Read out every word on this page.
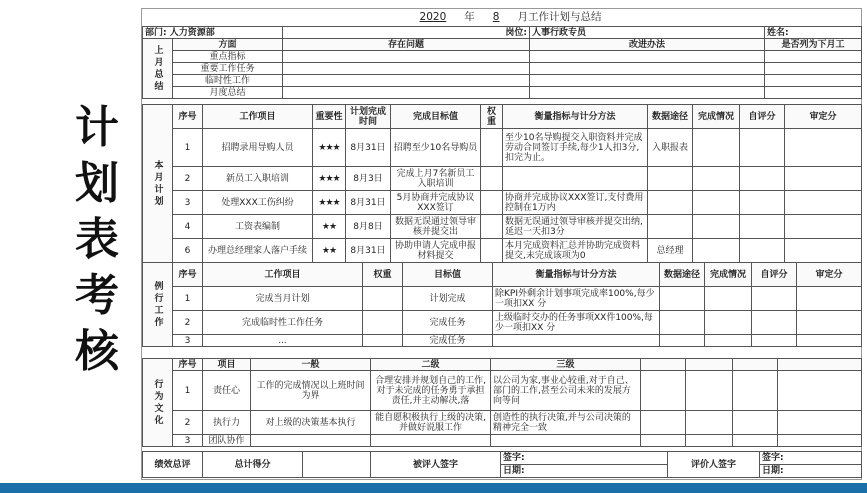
计
划
表
考
核
2020 年 8 月工作计划与总结
部门: 人力资源部		岗位:	人事行政专员	姓名:
上月总结	方面	存在问题	改进办法	是否列为下月工
	重点指标			
	重要工作任务			
	临时性工作			
	月度总结			
本月计划	序号	工作项目	重要性	计划完成时间	完成目标值	权重	衡量指标与计分方法	数据途径	完成情况	自评分	审定分
	1	招聘录用导购人员	★★★	8月31日	招聘至少10名导购员		至少10名导购提交入职资料并完成劳动合同签订手续,每少1人扣3分,扣完为止。	入职报表			
	2	新员工入职培训	★★★	8月3日	完成上月7名新员工入职培训						
	3	处理XXX工伤纠纷	★★★	8月31日	5月协商并完成协议XXX签订		协商并完成协议XXX签订,支付费用控制在1万内				
	4	工资表编制	★★	8月8日	数据无误通过领导审核并提交出		数据无误通过领导审核并提交出纳,延迟一天扣3分				
	6	办理总经理家人落户手续	★★	8月31日	协助申请人完成申报材料提交		本月完成资料汇总并协助完成资料提交,未完成该项为0	总经理			
例行工作	序号	工作项目	权重	目标值	衡量指标与计分方法	数据途径	完成情况	自评分	审定分
	1	完成当月计划		计划完成	除KPI外剩余计划事项完成率100%,每少一项扣XX 分				
	2	完成临时性工作任务		完成任务	上级临时交办的任务事项XX件100%,每少一项扣XX 分				
	3	...		完成任务					
行为文化	序号	项目	一般	二级	三级				
	1	责任心	工作的完成情况以上班时间为界	合理安排并规划自己的工作,对于未完成的任务勇于承担责任,并主动解决,落	以公司为家,事业心较重,对于自己、部门的工作,甚至公司未来的发展方向等问				
	2	执行力	对上级的决策基本执行	能自愿积极执行上级的决策,并做好说服工作	创造性的执行决策,并与公司决策的精神完全一致				
	3	团队协作							
绩效总评	总计得分		被评人签字	签字:	评价人签字	签字:
				日期:		日期:
